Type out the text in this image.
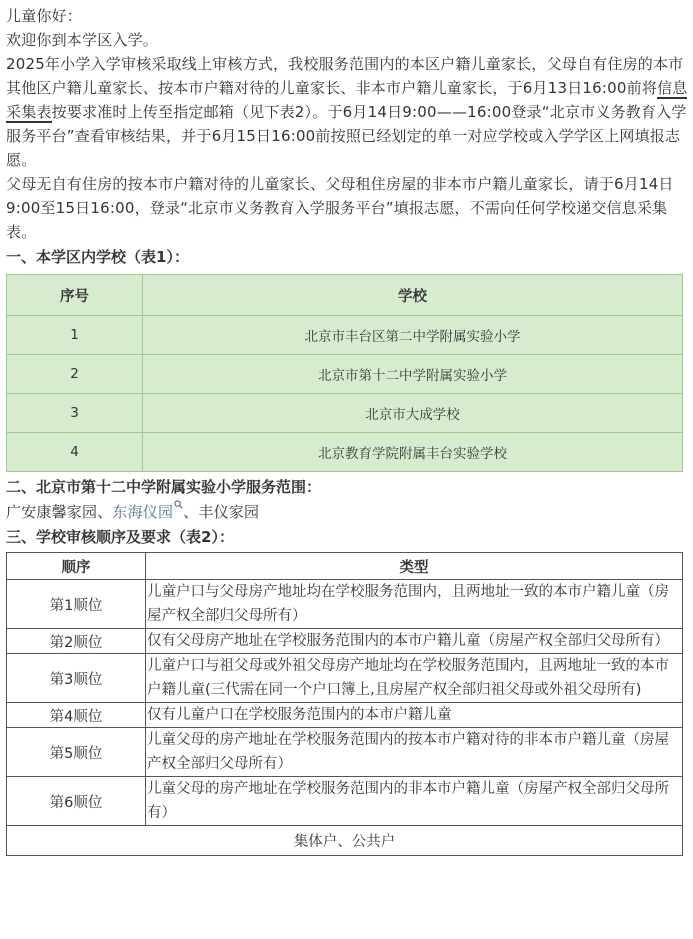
儿童你好：

欢迎你到本学区入学。

2025年小学入学审核采取线上审核方式，我校服务范围内的本区户籍儿童家长，父母自有住房的本市其他区户籍儿童家长、按本市户籍对待的儿童家长、非本市户籍儿童家长，于6月13日16:00前将信息采集表按要求准时上传至指定邮箱（见下表2）。于6月14日9:00——16:00登录“北京市义务教育入学服务平台”查看审核结果，并于6月15日16:00前按照已经划定的单一对应学校或入学学区上网填报志愿。

父母无自有住房的按本市户籍对待的儿童家长、父母租住房屋的非本市户籍儿童家长，请于6月14日9:00至15日16:00，登录“北京市义务教育入学服务平台”填报志愿，不需向任何学校递交信息采集表。

一、本学区内学校（表1）：

序号	学校
1	北京市丰台区第二中学附属实验小学
2	北京市第十二中学附属实验小学
3	北京市大成学校
4	北京教育学院附属丰台实验学校

二、北京市第十二中学附属实验小学服务范围：

广安康馨家园、东海仪园 、丰仪家园

三、学校审核顺序及要求（表2）：

顺序	类型
第1顺位	儿童户口与父母房产地址均在学校服务范围内，且两地址一致的本市户籍儿童（房屋产权全部归父母所有）
第2顺位	仅有父母房产地址在学校服务范围内的本市户籍儿童（房屋产权全部归父母所有）
第3顺位	儿童户口与祖父母或外祖父母房产地址均在学校服务范围内，且两地址一致的本市户籍儿童(三代需在同一个户口簿上,且房屋产权全部归祖父母或外祖父母所有)
第4顺位	仅有儿童户口在学校服务范围内的本市户籍儿童
第5顺位	儿童父母的房产地址在学校服务范围内的按本市户籍对待的非本市户籍儿童（房屋产权全部归父母所有）
第6顺位	儿童父母的房产地址在学校服务范围内的非本市户籍儿童（房屋产权全部归父母所有）
集体户、公共户	
